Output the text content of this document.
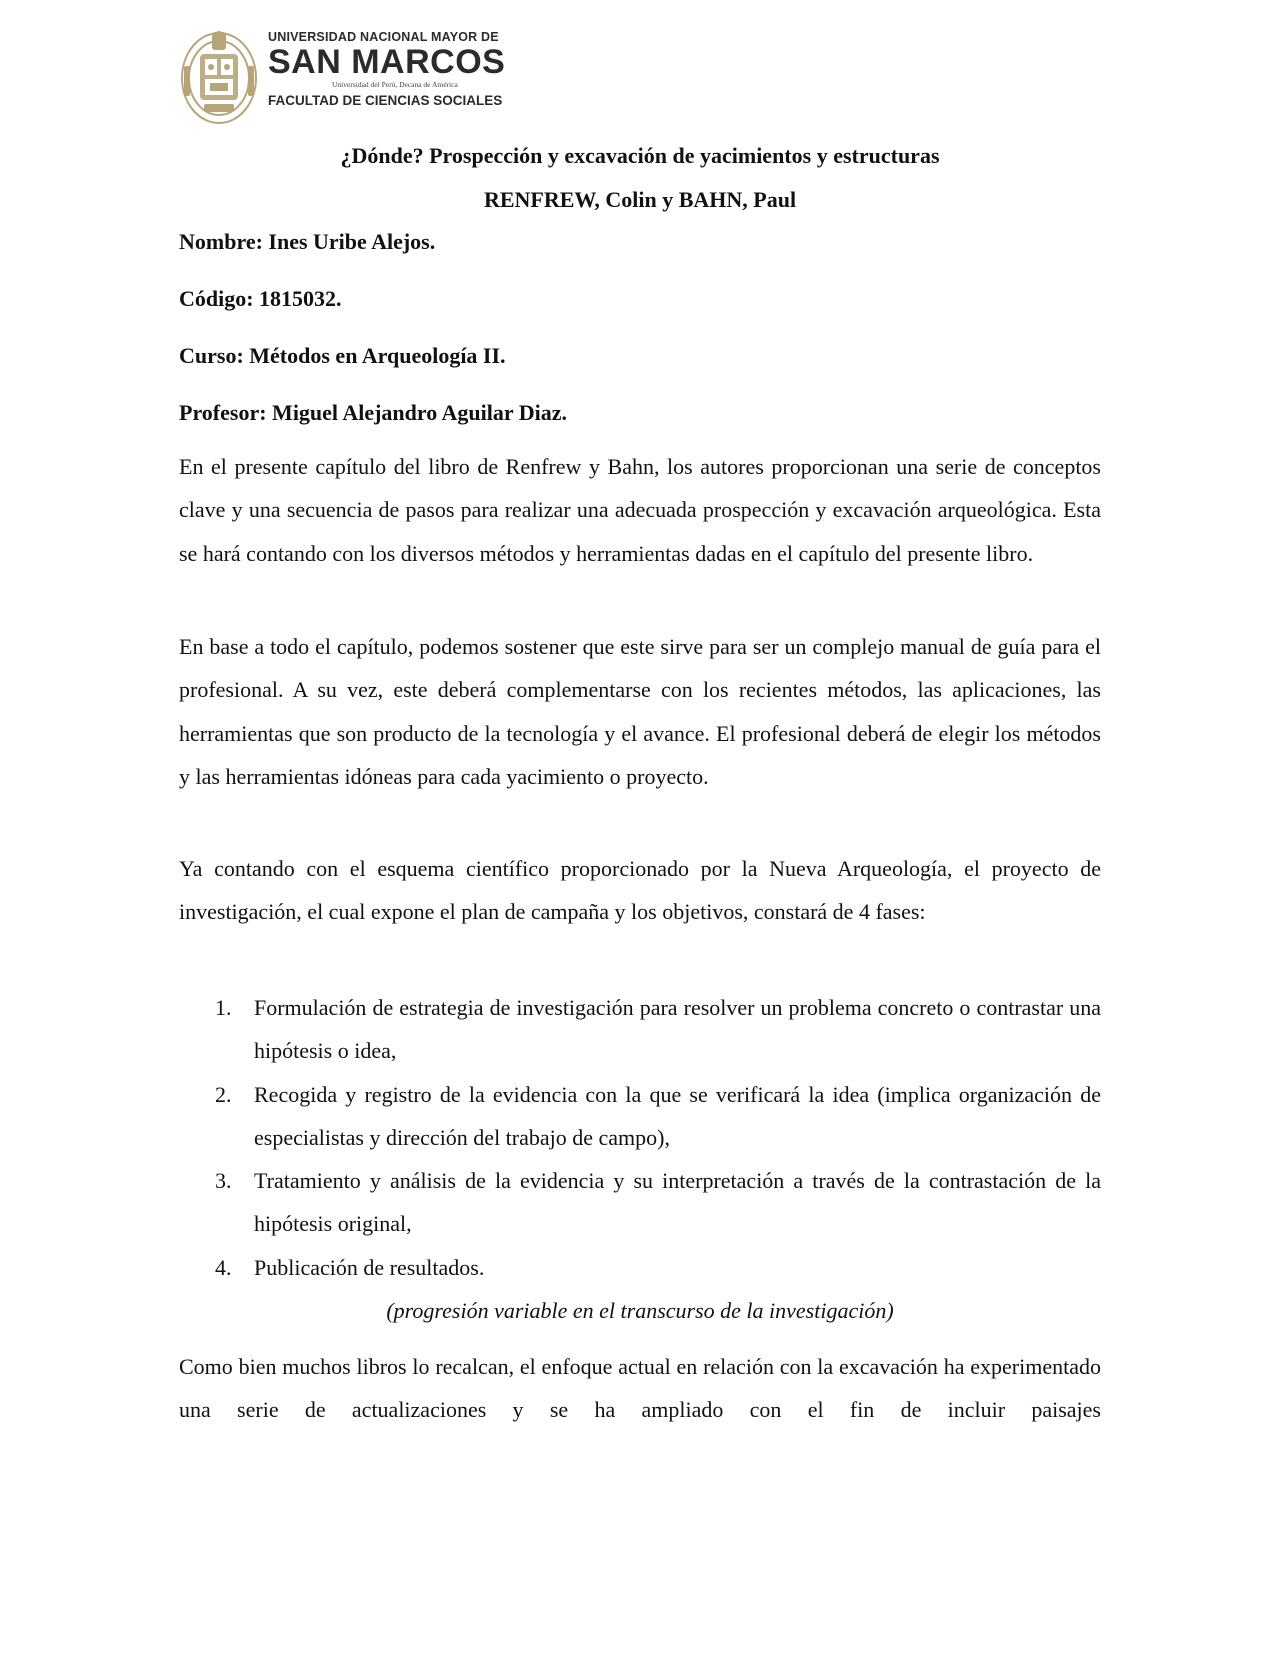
UNIVERSIDAD NACIONAL MAYOR DE
SAN MARCOS
Universidad del Perú, Decana de América
FACULTAD DE CIENCIAS SOCIALES
¿Dónde? Prospección y excavación de yacimientos y estructuras
RENFREW, Colin y BAHN, Paul
Nombre: Ines Uribe Alejos.
Código: 1815032.
Curso: Métodos en Arqueología II.
Profesor: Miguel Alejandro Aguilar Diaz.
En el presente capítulo del libro de Renfrew y Bahn, los autores proporcionan una serie de conceptos clave y una secuencia de pasos para realizar una adecuada prospección y excavación arqueológica. Esta se hará contando con los diversos métodos y herramientas dadas en el capítulo del presente libro.
En base a todo el capítulo, podemos sostener que este sirve para ser un complejo manual de guía para el profesional. A su vez, este deberá complementarse con los recientes métodos, las aplicaciones, las herramientas que son producto de la tecnología y el avance. El profesional deberá de elegir los métodos y las herramientas idóneas para cada yacimiento o proyecto.
Ya contando con el esquema científico proporcionado por la Nueva Arqueología, el proyecto de investigación, el cual expone el plan de campaña y los objetivos, constará de 4 fases:
1. Formulación de estrategia de investigación para resolver un problema concreto o contrastar una hipótesis o idea,
2. Recogida y registro de la evidencia con la que se verificará la idea (implica organización de especialistas y dirección del trabajo de campo),
3. Tratamiento y análisis de la evidencia y su interpretación a través de la contrastación de la hipótesis original,
4. Publicación de resultados.
(progresión variable en el transcurso de la investigación)
Como bien muchos libros lo recalcan, el enfoque actual en relación con la excavación ha experimentado una serie de actualizaciones y se ha ampliado con el fin de incluir paisajes
